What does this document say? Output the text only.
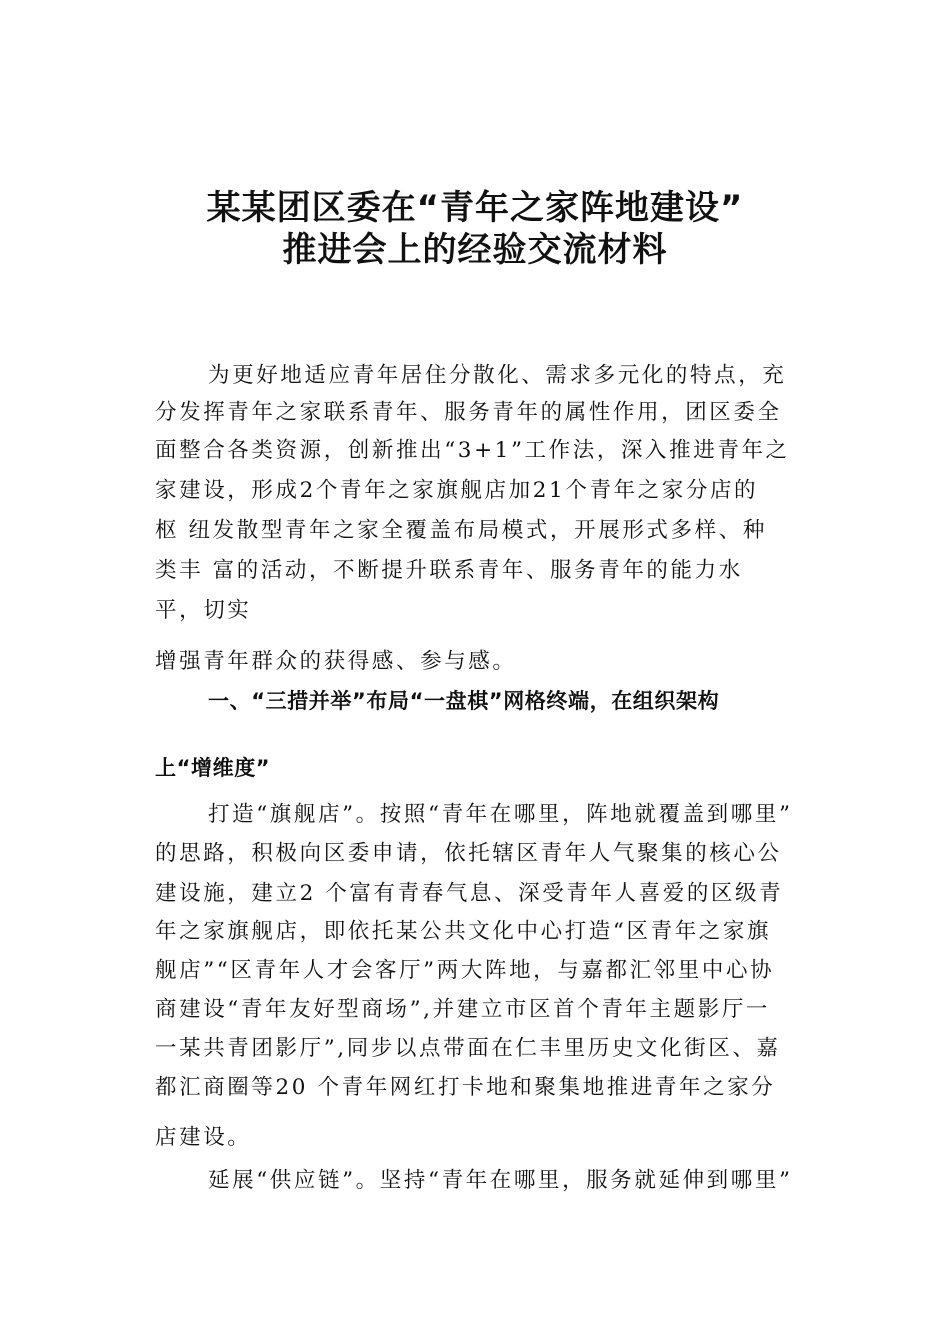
某某团区委在“青年之家阵地建设”
推进会上的经验交流材料
为更好地适应青年居住分散化、需求多元化的特点，充
分发挥青年之家联系青年、服务青年的属性作用，团区委全
面整合各类资源，创新推出“3+1”工作法，深入推进青年之
家建设，形成2个青年之家旗舰店加21个青年之家分店的
枢 纽发散型青年之家全覆盖布局模式，开展形式多样、种
类丰 富的活动，不断提升联系青年、服务青年的能力水
平，切实
增强青年群众的获得感、参与感。
一、“三措并举”布局“一盘棋”网格终端，在组织架构
上“增维度”
打造“旗舰店”。按照“青年在哪里，阵地就覆盖到哪里”
的思路，积极向区委申请，依托辖区青年人气聚集的核心公
建设施，建立2 个富有青春气息、深受青年人喜爱的区级青
年之家旗舰店，即依托某公共文化中心打造“区青年之家旗
舰店”“区青年人才会客厅”两大阵地，与嘉都汇邻里中心协
商建设“青年友好型商场”,并建立市区首个青年主题影厅一
一某共青团影厅”,同步以点带面在仁丰里历史文化街区、嘉
都汇商圈等20 个青年网红打卡地和聚集地推进青年之家分
店建设。
延展“供应链”。坚持“青年在哪里，服务就延伸到哪里”
